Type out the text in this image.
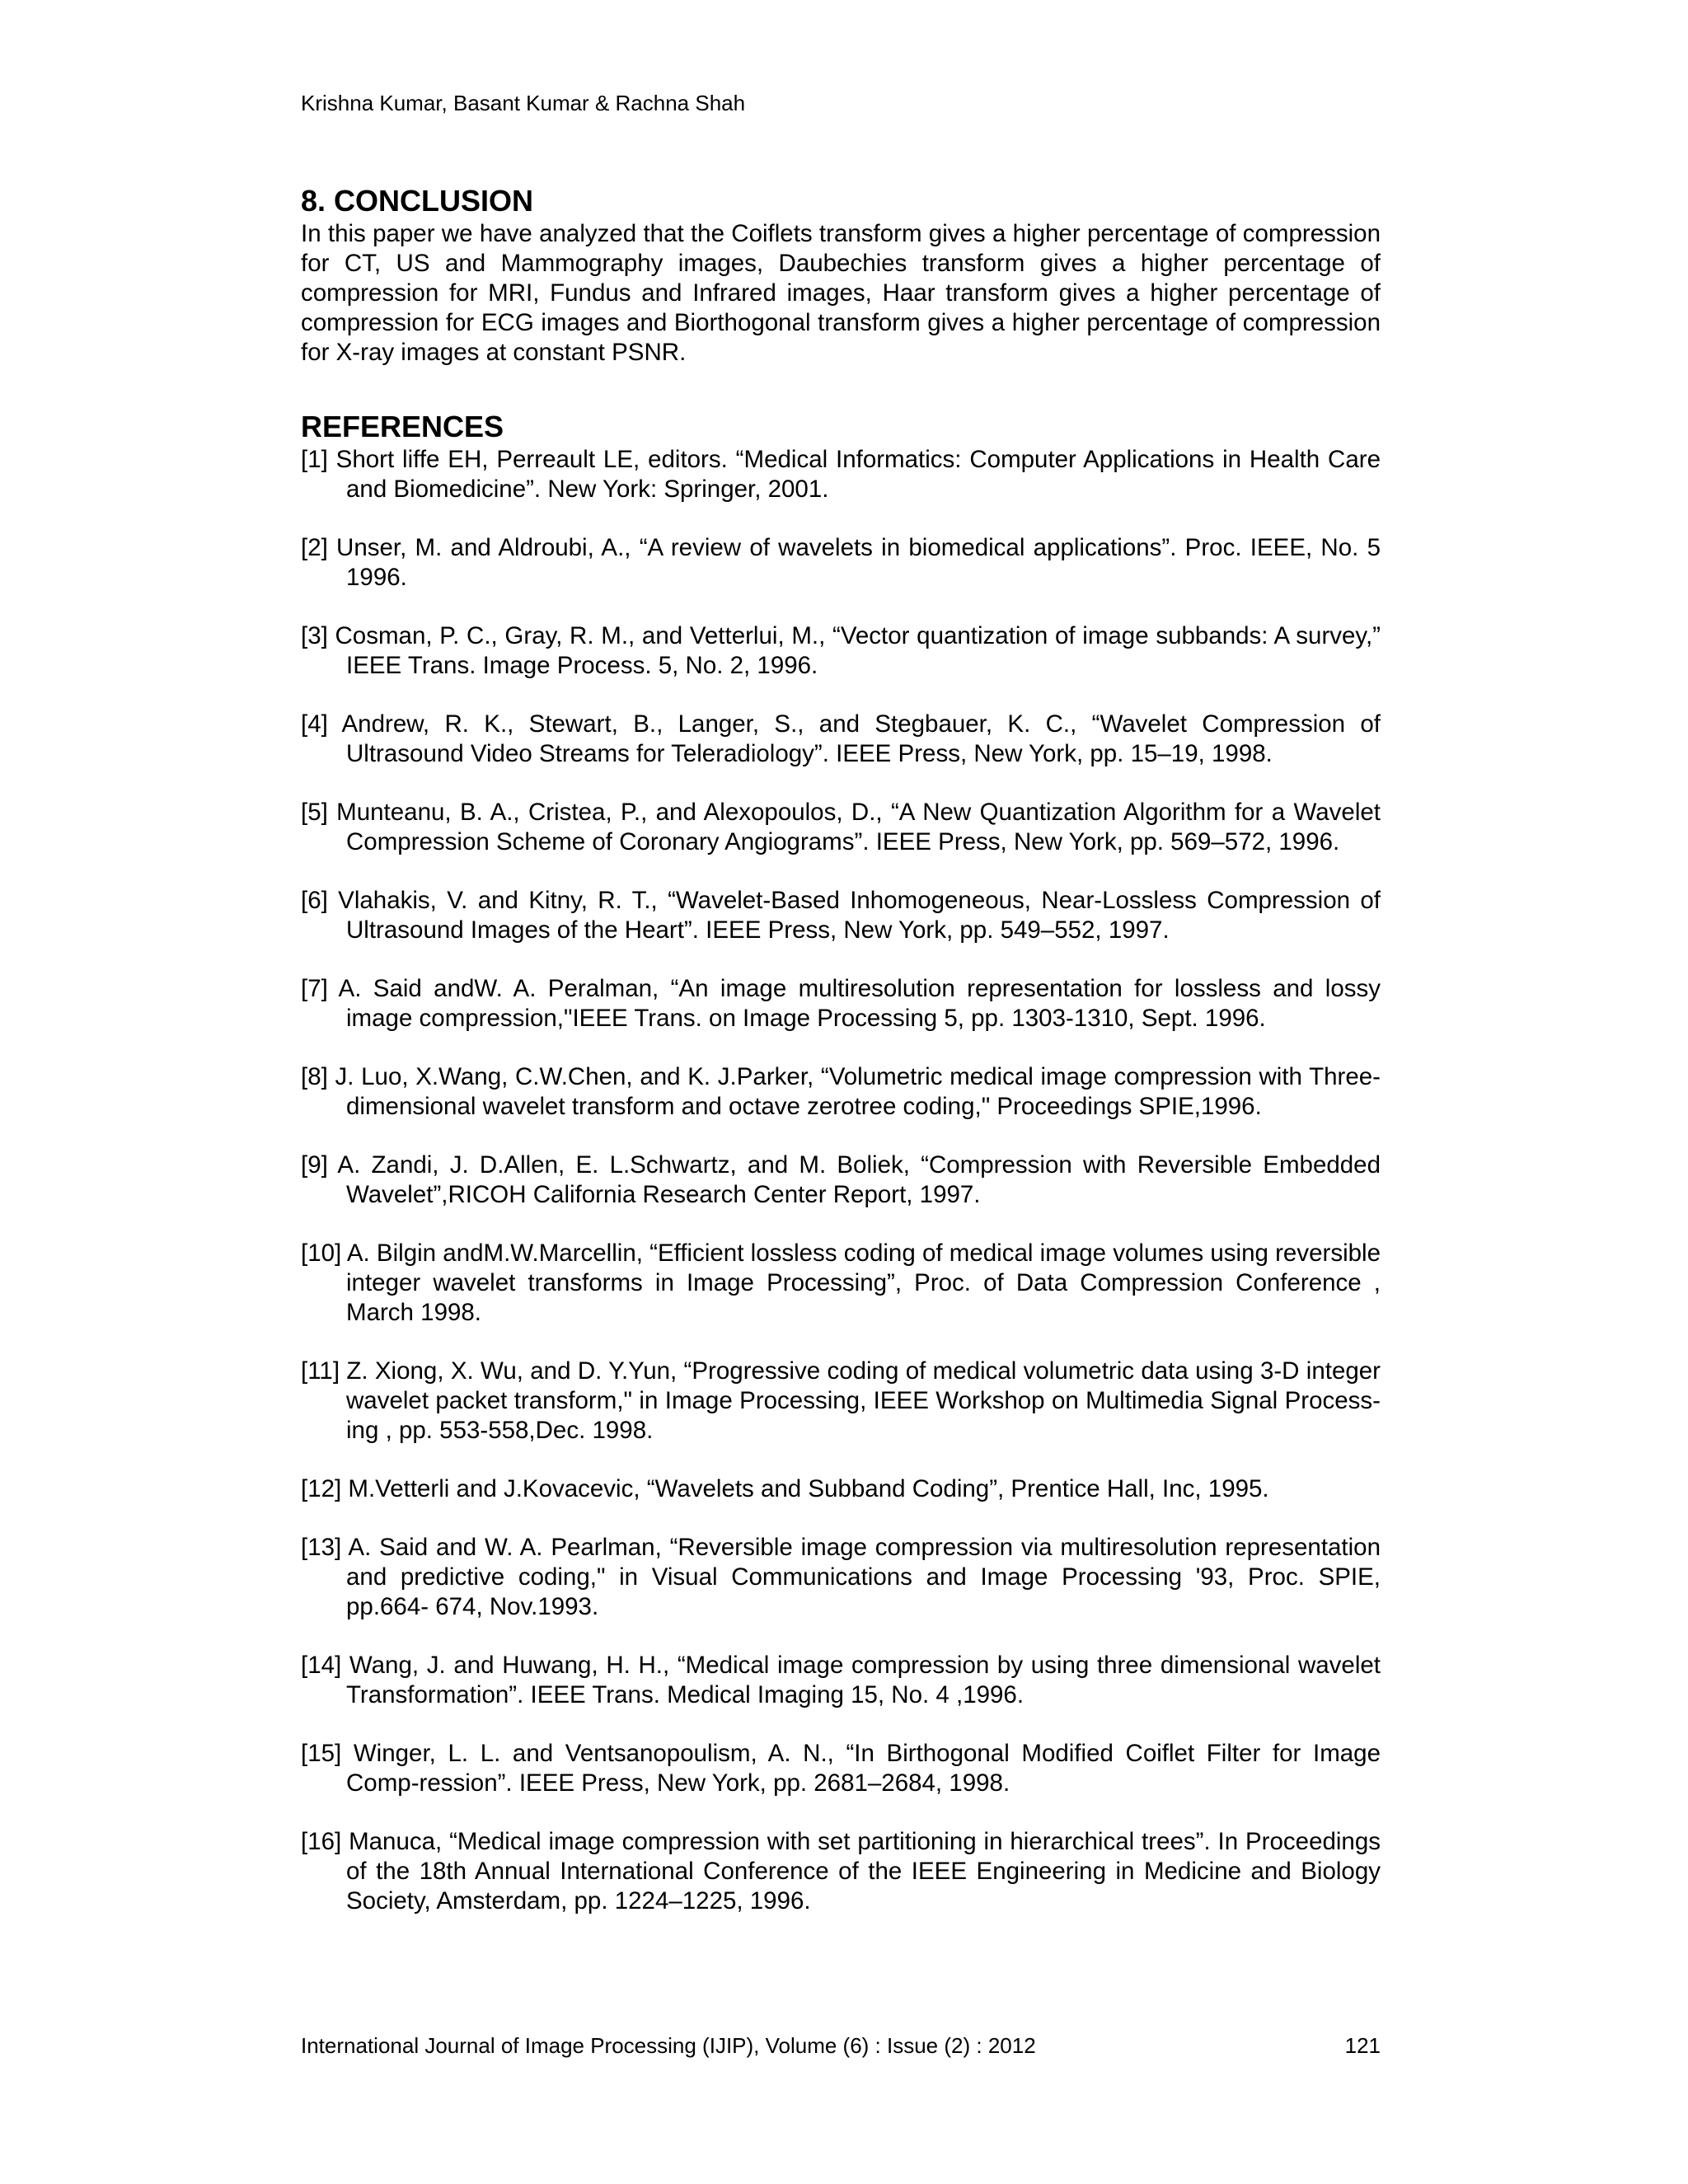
Krishna Kumar, Basant Kumar & Rachna Shah
8. CONCLUSION

In this paper we have analyzed that the Coiflets transform gives a higher percentage of compression for CT, US and Mammography images, Daubechies transform gives a higher percentage of compression for MRI, Fundus and Infrared images, Haar transform gives a higher percentage of compression for ECG images and Biorthogonal transform gives a higher percentage of compression for X-ray images at constant PSNR.

REFERENCES
[1] Short liffe EH, Perreault LE, editors. “Medical Informatics: Computer Applications in Health Care and Biomedicine”. New York: Springer, 2001.
[2] Unser, M. and Aldroubi, A., “A review of wavelets in biomedical applications”. Proc. IEEE, No. 5 1996.
[3] Cosman, P. C., Gray, R. M., and Vetterlui, M., “Vector quantization of image subbands: A survey,” IEEE Trans. Image Process. 5, No. 2, 1996.
[4] Andrew, R. K., Stewart, B., Langer, S., and Stegbauer, K. C., “Wavelet Compression of Ultrasound Video Streams for Teleradiology”. IEEE Press, New York, pp. 15–19, 1998.
[5] Munteanu, B. A., Cristea, P., and Alexopoulos, D., “A New Quantization Algorithm for a Wavelet Compression Scheme of Coronary Angiograms”. IEEE Press, New York, pp. 569–572, 1996.
[6] Vlahakis, V. and Kitny, R. T., “Wavelet-Based Inhomogeneous, Near-Lossless Compression of Ultrasound Images of the Heart”. IEEE Press, New York, pp. 549–552, 1997.
[7] A. Said andW. A. Peralman, “An image multiresolution representation for lossless and lossy image compression,"IEEE Trans. on Image Processing 5, pp. 1303-1310, Sept. 1996.
[8] J. Luo, X.Wang, C.W.Chen, and K. J.Parker, “Volumetric medical image compression with Three- dimensional wavelet transform and octave zerotree coding," Proceedings SPIE,1996.
[9] A. Zandi, J. D.Allen, E. L.Schwartz, and M. Boliek, “Compression with Reversible Embedded Wavelet”,RICOH California Research Center Report, 1997.
[10] A. Bilgin andM.W.Marcellin, “Efficient lossless coding of medical image volumes using reversible integer wavelet transforms in Image Processing”, Proc. of Data Compression Conference , March 1998.
[11] Z. Xiong, X. Wu, and D. Y.Yun, “Progressive coding of medical volumetric data using 3-D integer wavelet packet transform," in Image Processing, IEEE Workshop on Multimedia Signal Process- ing , pp. 553-558,Dec. 1998.
[12] M.Vetterli and J.Kovacevic, “Wavelets and Subband Coding”, Prentice Hall, Inc, 1995.
[13] A. Said and W. A. Pearlman, “Reversible image compression via multiresolution representation and predictive coding," in Visual Communications and Image Processing '93, Proc. SPIE, pp.664- 674, Nov.1993.
[14] Wang, J. and Huwang, H. H., “Medical image compression by using three dimensional wavelet Transformation”. IEEE Trans. Medical Imaging 15, No. 4 ,1996.
[15] Winger, L. L. and Ventsanopoulism, A. N., “In Birthogonal Modified Coiflet Filter for Image Comp-ression”. IEEE Press, New York, pp. 2681–2684, 1998.
[16] Manuca, “Medical image compression with set partitioning in hierarchical trees”. In Proceedings of the 18th Annual International Conference of the IEEE Engineering in Medicine and Biology Society, Amsterdam, pp. 1224–1225, 1996.
International Journal of Image Processing (IJIP), Volume (6) : Issue (2) : 2012	121
